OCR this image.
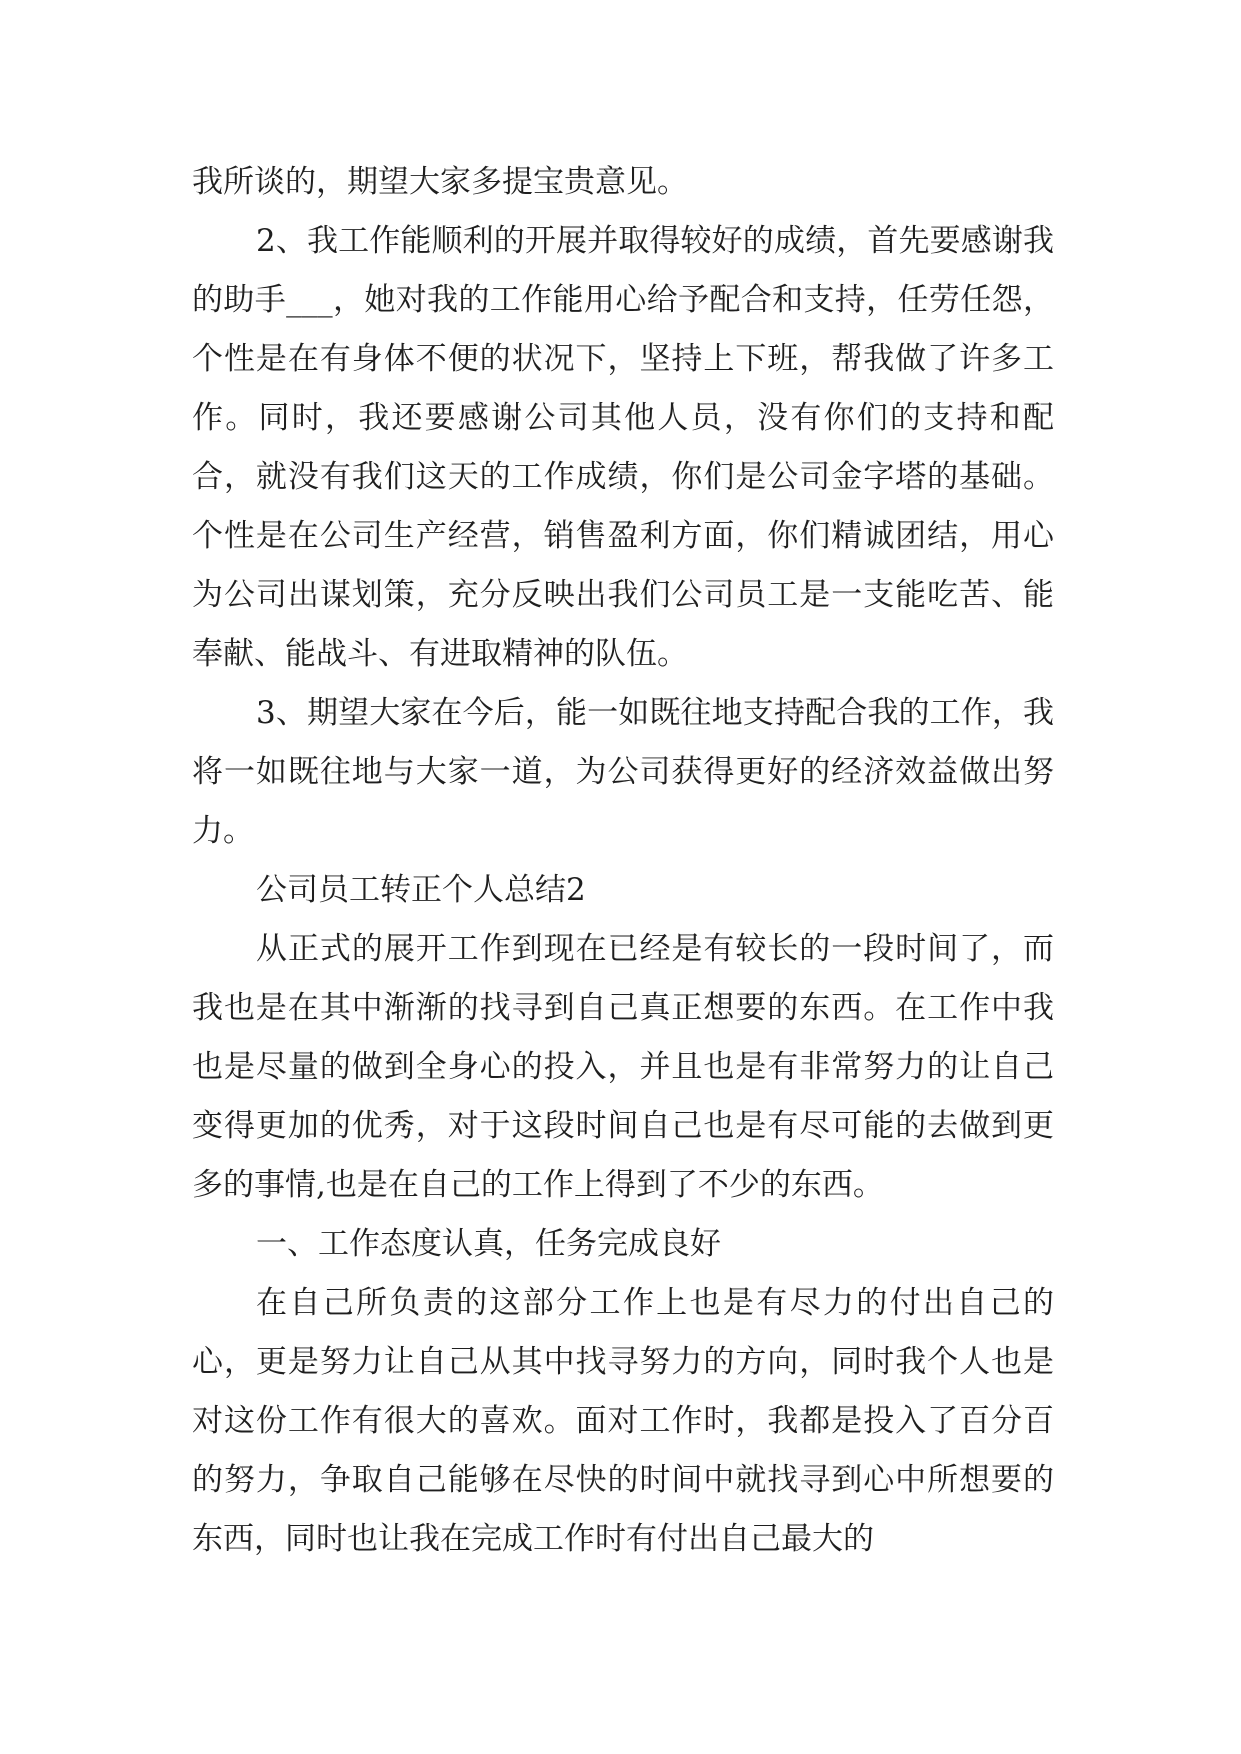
我所谈的，期望大家多提宝贵意见。

2、我工作能顺利的开展并取得较好的成绩，首先要感谢我的助手___，她对我的工作能用心给予配合和支持，任劳任怨，个性是在有身体不便的状况下，坚持上下班，帮我做了许多工作。同时，我还要感谢公司其他人员，没有你们的支持和配合，就没有我们这天的工作成绩，你们是公司金字塔的基础。个性是在公司生产经营，销售盈利方面，你们精诚团结，用心为公司出谋划策，充分反映出我们公司员工是一支能吃苦、能奉献、能战斗、有进取精神的队伍。

3、期望大家在今后，能一如既往地支持配合我的工作，我将一如既往地与大家一道，为公司获得更好的经济效益做出努力。

公司员工转正个人总结2

从正式的展开工作到现在已经是有较长的一段时间了，而我也是在其中渐渐的找寻到自己真正想要的东西。在工作中我也是尽量的做到全身心的投入，并且也是有非常努力的让自己变得更加的优秀，对于这段时间自己也是有尽可能的去做到更多的事情,也是在自己的工作上得到了不少的东西。

一、工作态度认真，任务完成良好

在自己所负责的这部分工作上也是有尽力的付出自己的心，更是努力让自己从其中找寻努力的方向，同时我个人也是对这份工作有很大的喜欢。面对工作时，我都是投入了百分百的努力，争取自己能够在尽快的时间中就找寻到心中所想要的东西，同时也让我在完成工作时有付出自己最大的
